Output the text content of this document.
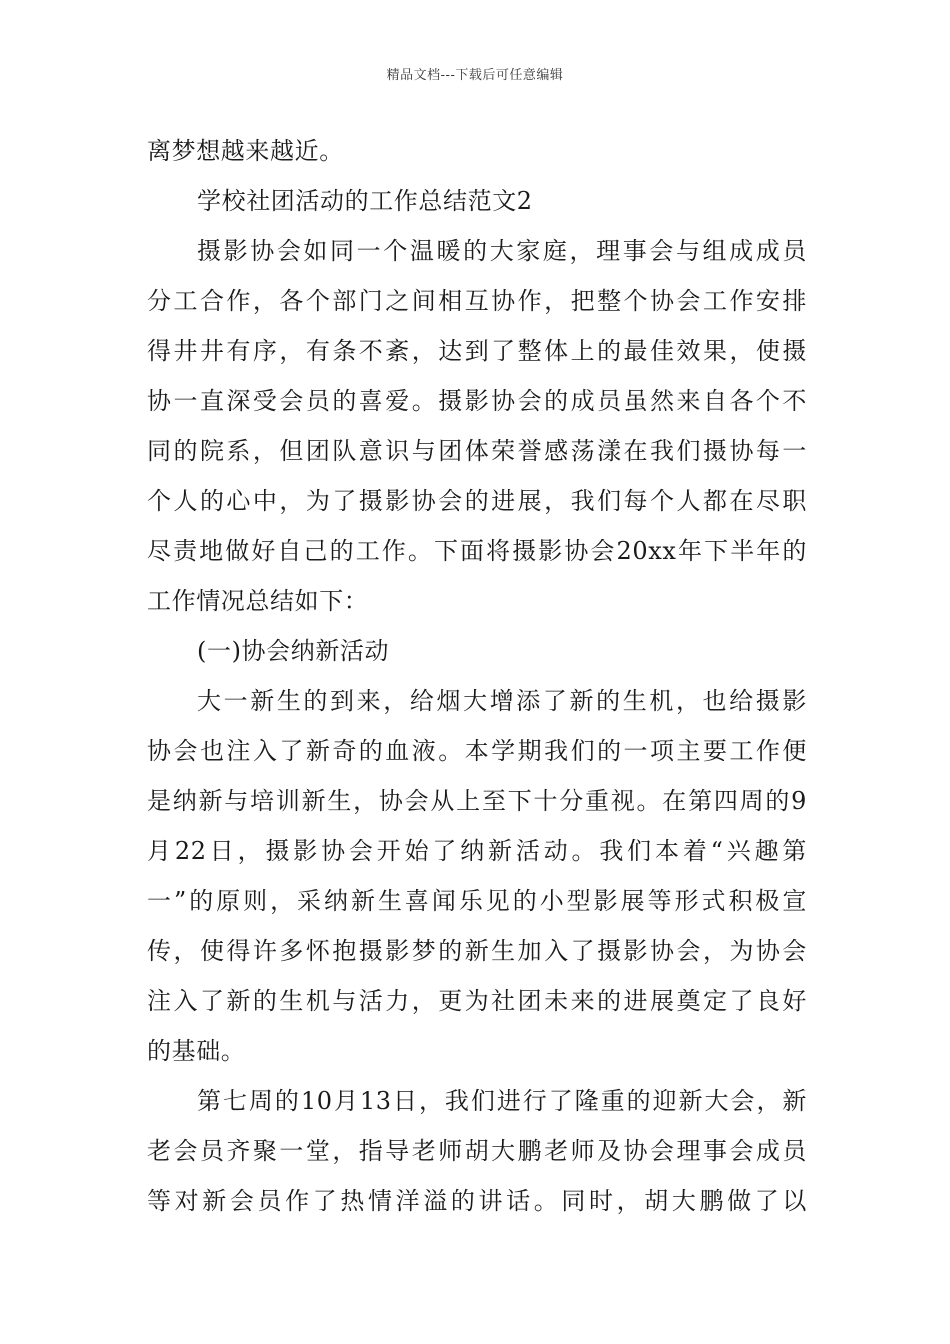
精品文档---下载后可任意编辑
离梦想越来越近。
学校社团活动的工作总结范文2
摄影协会如同一个温暖的大家庭，理事会与组成成员
分工合作，各个部门之间相互协作，把整个协会工作安排
得井井有序，有条不紊，达到了整体上的最佳效果，使摄
协一直深受会员的喜爱。摄影协会的成员虽然来自各个不
同的院系，但团队意识与团体荣誉感荡漾在我们摄协每一
个人的心中，为了摄影协会的进展，我们每个人都在尽职
尽责地做好自己的工作。下面将摄影协会20xx年下半年的
工作情况总结如下：
(一)协会纳新活动
大一新生的到来，给烟大增添了新的生机，也给摄影
协会也注入了新奇的血液。本学期我们的一项主要工作便
是纳新与培训新生，协会从上至下十分重视。在第四周的9
月22日，摄影协会开始了纳新活动。我们本着“兴趣第
一”的原则，采纳新生喜闻乐见的小型影展等形式积极宣
传，使得许多怀抱摄影梦的新生加入了摄影协会，为协会
注入了新的生机与活力，更为社团未来的进展奠定了良好
的基础。
第七周的10月13日，我们进行了隆重的迎新大会，新
老会员齐聚一堂，指导老师胡大鹏老师及协会理事会成员
等对新会员作了热情洋溢的讲话。同时，胡大鹏做了以
